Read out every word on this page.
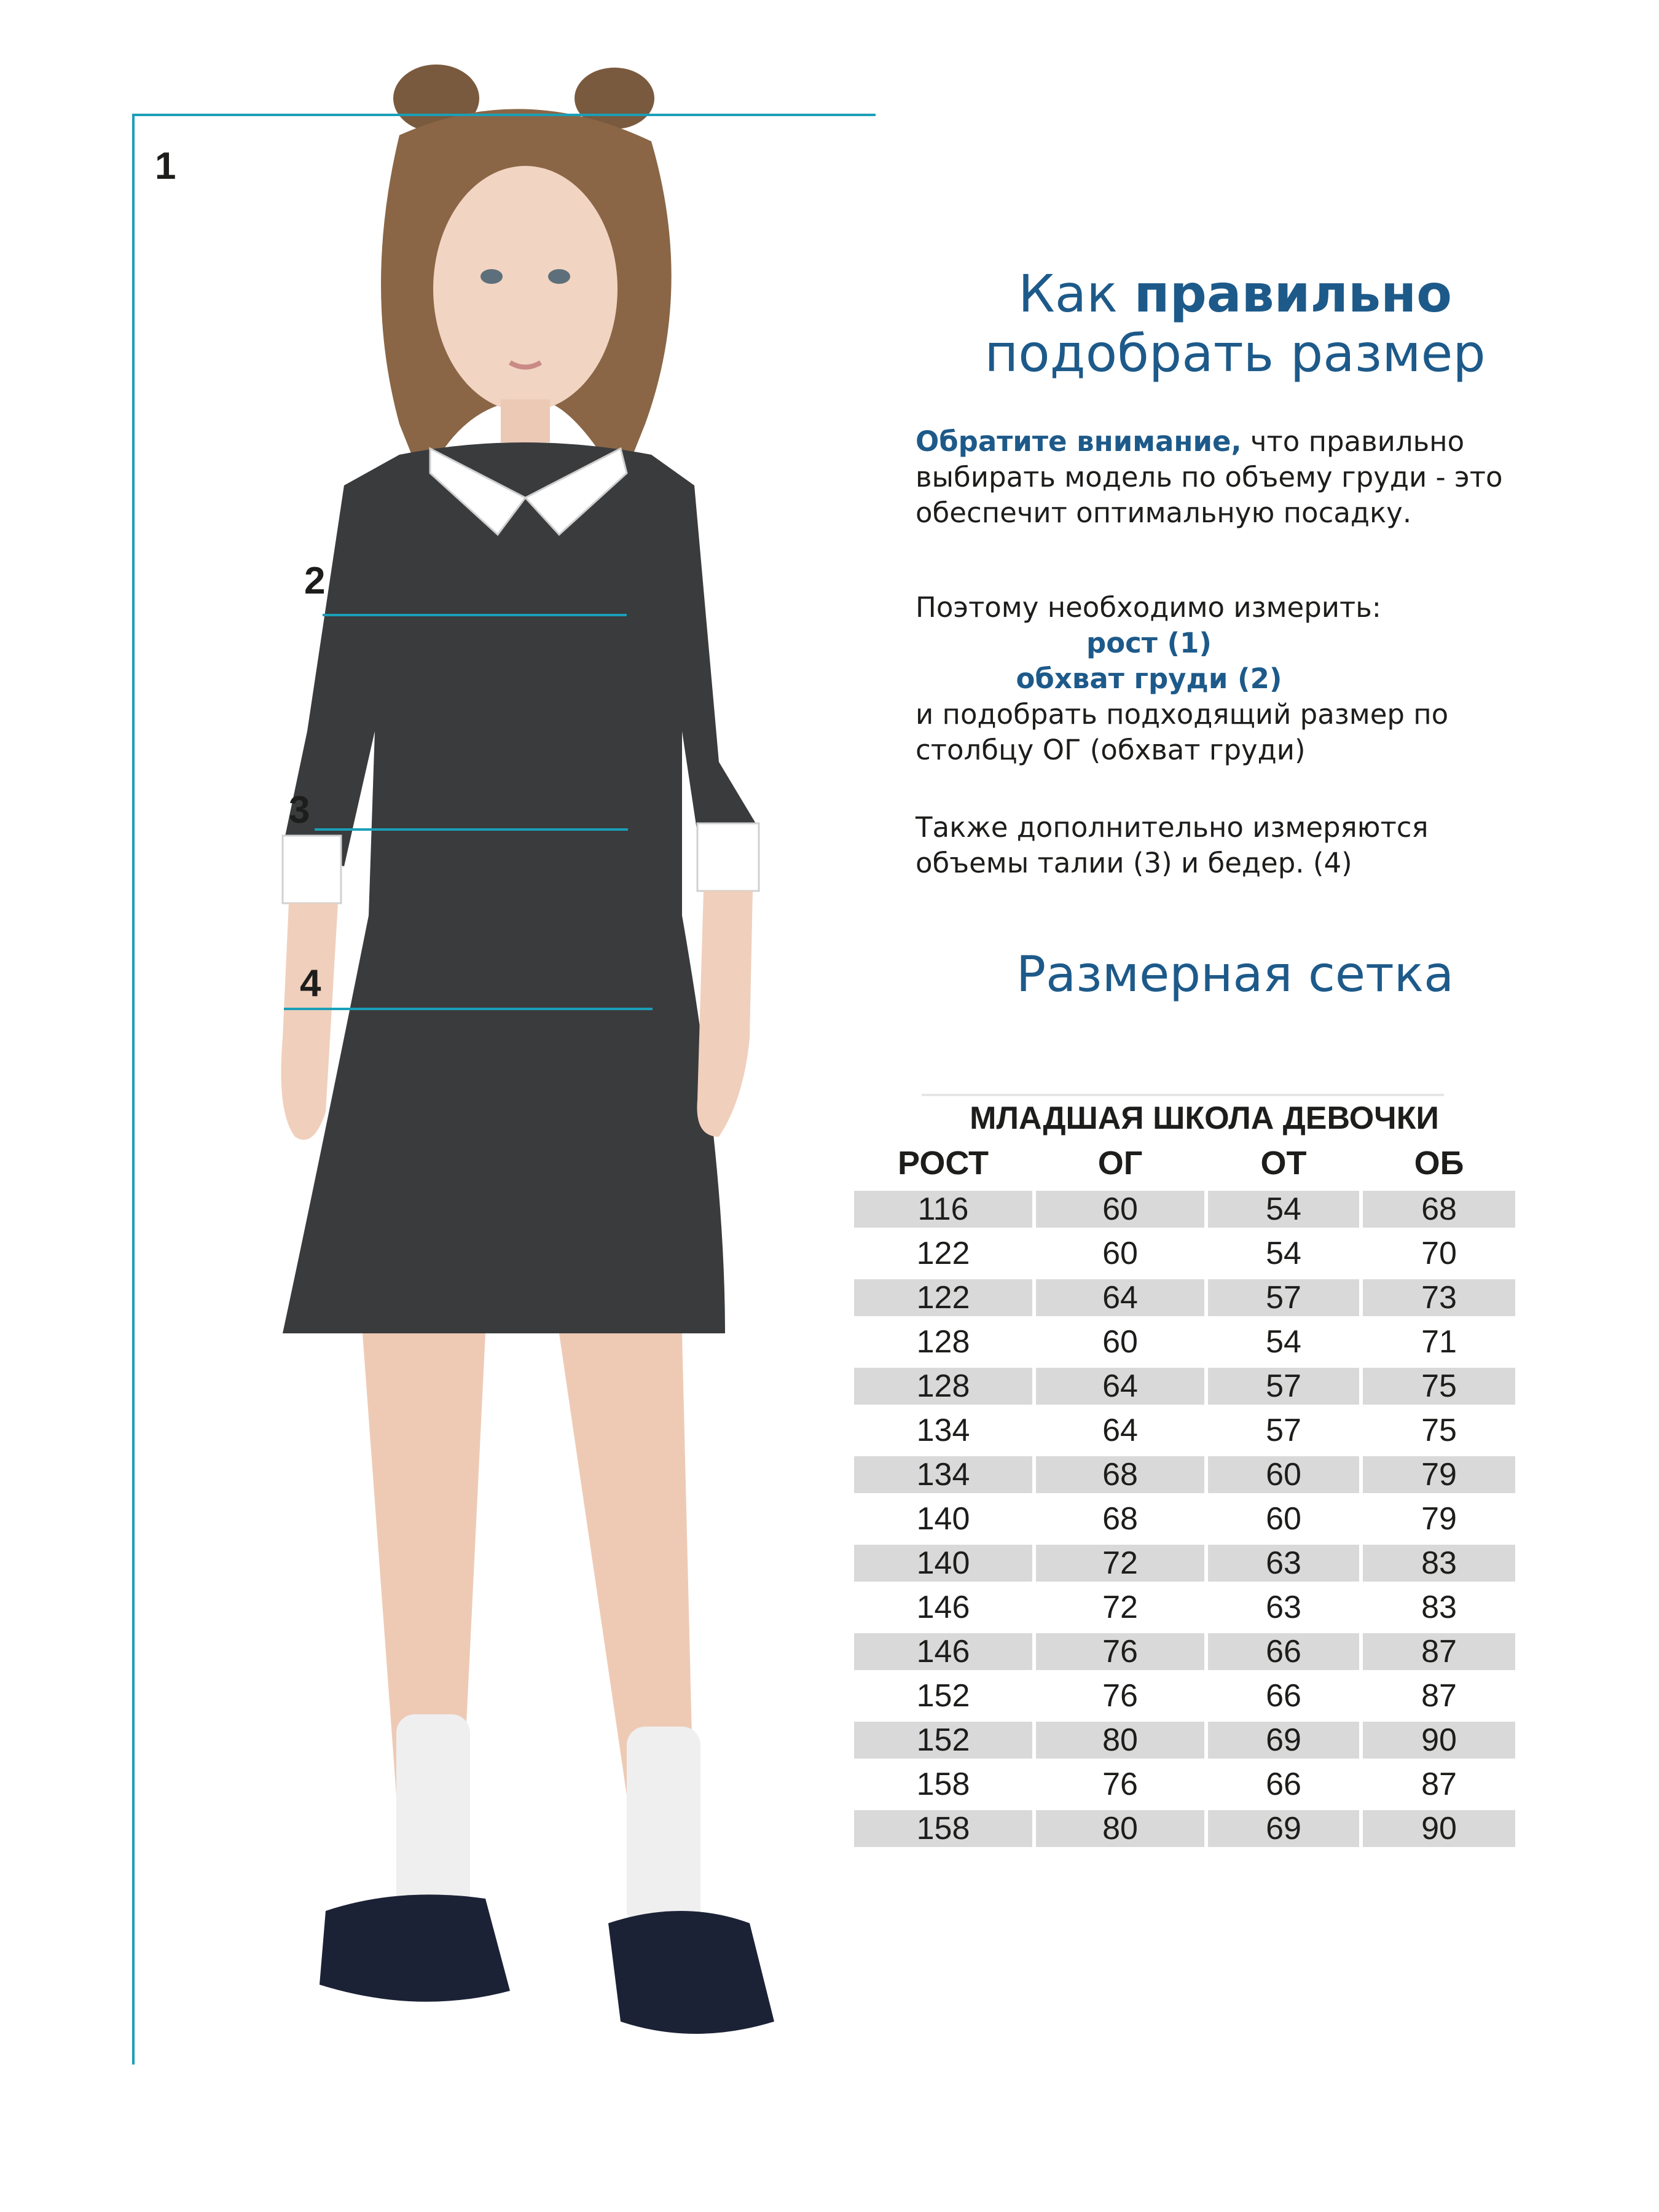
1
2
3
4
Как правильно
подобрать размер
Обратите внимание, что правильно выбирать модель по объему груди - это обеспечит оптимальную посадку.
Поэтому необходимо измерить:

рост (1)
обхват груди (2)
и подобрать подходящий размер по столбцу ОГ (обхват груди)
Также дополнительно измеряются объемы талии (3) и бедер. (4)
Размерная сетка
МЛАДШАЯ ШКОЛА ДЕВОЧКИ
РОСТ	ОГ	ОТ	ОБ
116	60	54	68
122	60	54	70
122	64	57	73
128	60	54	71
128	64	57	75
134	64	57	75
134	68	60	79
140	68	60	79
140	72	63	83
146	72	63	83
146	76	66	87
152	76	66	87
152	80	69	90
158	76	66	87
158	80	69	90
